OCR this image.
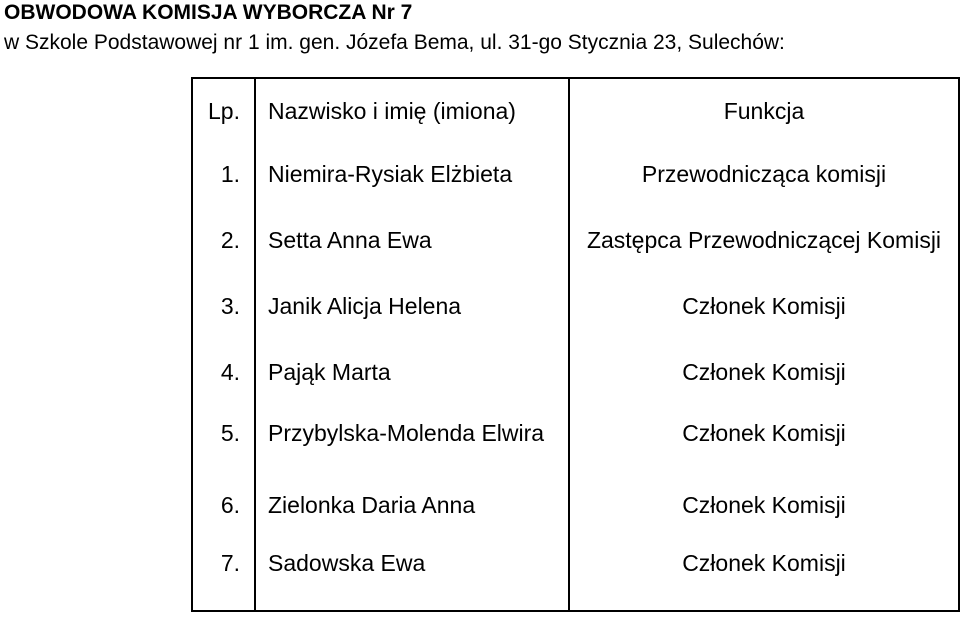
OBWODOWA KOMISJA WYBORCZA Nr 7
w Szkole Podstawowej nr 1 im. gen. Józefa Bema, ul. 31-go Stycznia 23, Sulechów:
Lp.	Nazwisko i imię (imiona)	Funkcja
1.	Niemira-Rysiak Elżbieta	Przewodnicząca komisji
2.	Setta Anna Ewa	Zastępca Przewodniczącej Komisji
3.	Janik Alicja Helena	Członek Komisji
4.	Pająk Marta	Członek Komisji
5.	Przybylska-Molenda Elwira	Członek Komisji
6.	Zielonka Daria Anna	Członek Komisji
7.	Sadowska Ewa	Członek Komisji
